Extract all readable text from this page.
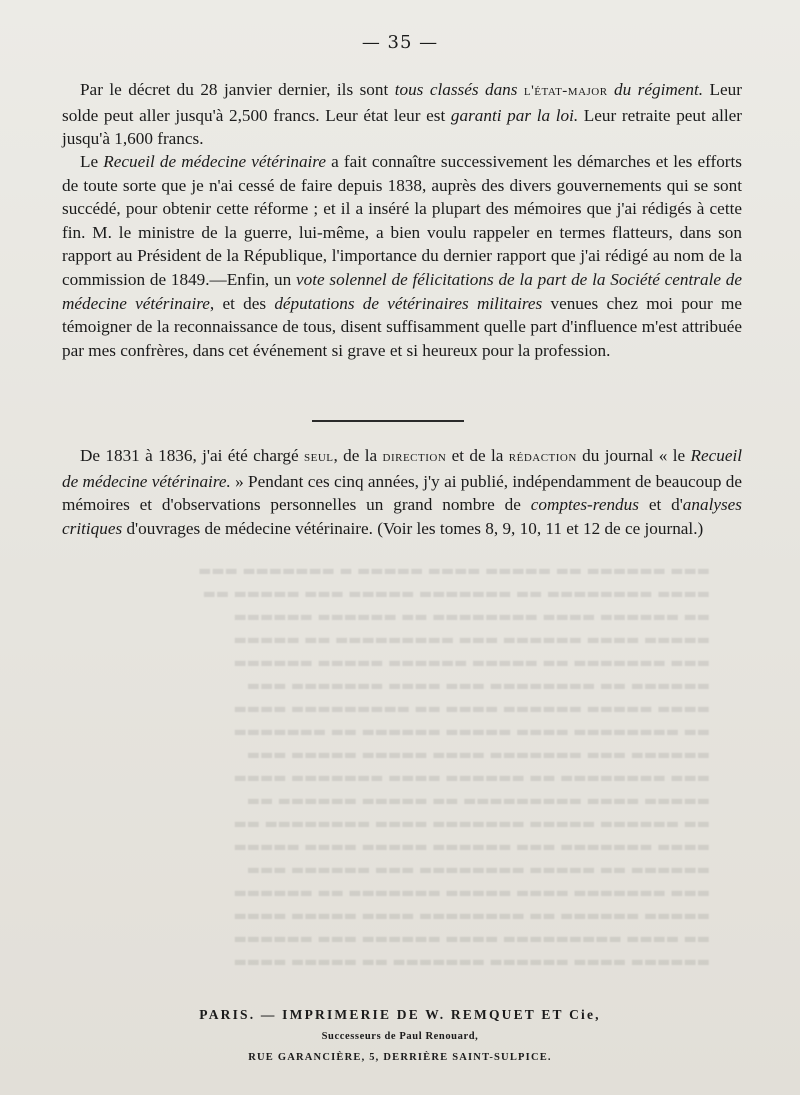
▬▬▬ ▬▬▬▬▬▬ ▬▬ ▬▬▬▬▬ ▬▬▬▬ ▬▬▬▬▬ ▬ ▬▬▬▬▬▬▬ ▬▬▬
▬▬▬▬ ▬▬▬▬▬▬▬▬ ▬▬ ▬▬▬▬▬▬▬ ▬▬▬▬▬ ▬▬▬ ▬▬▬▬▬ ▬▬
▬▬ ▬▬▬▬▬▬ ▬▬▬▬ ▬▬▬▬▬▬▬▬ ▬▬ ▬▬▬▬▬▬ ▬▬▬▬▬▬
▬▬▬▬▬ ▬▬▬▬ ▬▬▬▬▬▬ ▬▬▬ ▬▬▬▬▬▬▬▬▬ ▬▬ ▬▬▬▬▬
▬▬▬ ▬▬▬▬▬▬▬ ▬▬ ▬▬▬▬▬ ▬▬▬▬▬▬ ▬▬▬▬▬ ▬▬▬▬▬▬
▬▬▬▬▬▬ ▬▬ ▬▬▬▬▬▬▬▬ ▬▬▬ ▬▬▬▬ ▬▬▬▬▬▬▬ ▬▬▬
▬▬▬▬ ▬▬▬▬▬ ▬▬▬▬▬▬ ▬▬▬▬ ▬▬ ▬▬▬▬▬▬▬▬▬ ▬▬▬▬
▬▬ ▬▬▬▬▬▬▬▬ ▬▬▬▬ ▬▬▬▬▬ ▬▬▬▬▬▬ ▬▬ ▬▬▬▬▬▬▬
▬▬▬▬▬▬ ▬▬▬ ▬▬▬▬▬▬▬ ▬▬▬▬ ▬▬▬▬▬ ▬▬▬▬▬ ▬▬▬
▬▬▬ ▬▬▬▬▬▬▬▬ ▬▬ ▬▬▬▬▬▬ ▬▬▬▬ ▬▬▬▬▬▬▬ ▬▬▬▬
▬▬▬▬▬ ▬▬▬▬ ▬▬▬▬▬▬▬▬▬ ▬▬ ▬▬▬▬▬ ▬▬▬▬▬▬ ▬▬
▬▬ ▬▬▬▬▬▬ ▬▬▬▬▬ ▬▬▬▬▬▬▬ ▬▬▬▬ ▬▬▬▬▬▬▬▬ ▬▬
▬▬▬▬ ▬▬▬▬▬▬▬ ▬▬▬ ▬▬▬▬▬▬ ▬▬▬▬▬ ▬▬▬▬ ▬▬▬▬▬
▬▬▬▬▬▬ ▬▬ ▬▬▬▬▬ ▬▬▬▬▬▬▬▬ ▬▬▬ ▬▬▬▬▬▬ ▬▬▬
▬▬▬ ▬▬▬▬▬▬▬ ▬▬▬▬ ▬▬▬▬▬ ▬▬▬▬▬▬▬ ▬▬ ▬▬▬▬▬▬
▬▬▬▬▬ ▬▬▬▬▬▬ ▬▬ ▬▬▬▬▬▬▬▬ ▬▬▬▬ ▬▬▬▬▬ ▬▬▬▬
▬▬ ▬▬▬▬ ▬▬▬▬▬▬▬▬▬ ▬▬▬▬ ▬▬▬▬▬▬ ▬▬▬ ▬▬▬▬▬▬
▬▬▬▬▬▬ ▬▬▬▬ ▬▬▬▬▬▬ ▬▬▬▬▬▬▬ ▬▬ ▬▬▬▬▬ ▬▬▬▬
— 35 —

Par le décret du 28 janvier dernier, ils sont tous classés dans l'état-major du régiment. Leur solde peut aller jusqu'à 2,500 francs. Leur état leur est garanti par la loi. Leur retraite peut aller jusqu'à 1,600 francs.

Le Recueil de médecine vétérinaire a fait connaître successivement les démarches et les efforts de toute sorte que je n'ai cessé de faire depuis 1838, auprès des divers gouvernements qui se sont succédé, pour obtenir cette réforme ; et il a inséré la plupart des mémoires que j'ai rédigés à cette fin. M. le ministre de la guerre, lui-même, a bien voulu rappeler en termes flatteurs, dans son rapport au Président de la République, l'importance du dernier rapport que j'ai rédigé au nom de la commission de 1849.—Enfin, un vote solennel de félicitations de la part de la Société centrale de médecine vétérinaire, et des députations de vétérinaires militaires venues chez moi pour me témoigner de la reconnaissance de tous, disent suffisamment quelle part d'influence m'est attribuée par mes confrères, dans cet événement si grave et si heureux pour la profession.

De 1831 à 1836, j'ai été chargé seul, de la direction et de la rédaction du journal « le Recueil de médecine vétérinaire. » Pendant ces cinq années, j'y ai publié, indépendamment de beaucoup de mémoires et d'observations personnelles un grand nombre de comptes-rendus et d'analyses critiques d'ouvrages de médecine vétérinaire. (Voir les tomes 8, 9, 10, 11 et 12 de ce journal.)

PARIS. — IMPRIMERIE DE W. REMQUET ET Cie,
Successeurs de Paul Renouard,
RUE GARANCIÈRE, 5, DERRIÈRE SAINT-SULPICE.
